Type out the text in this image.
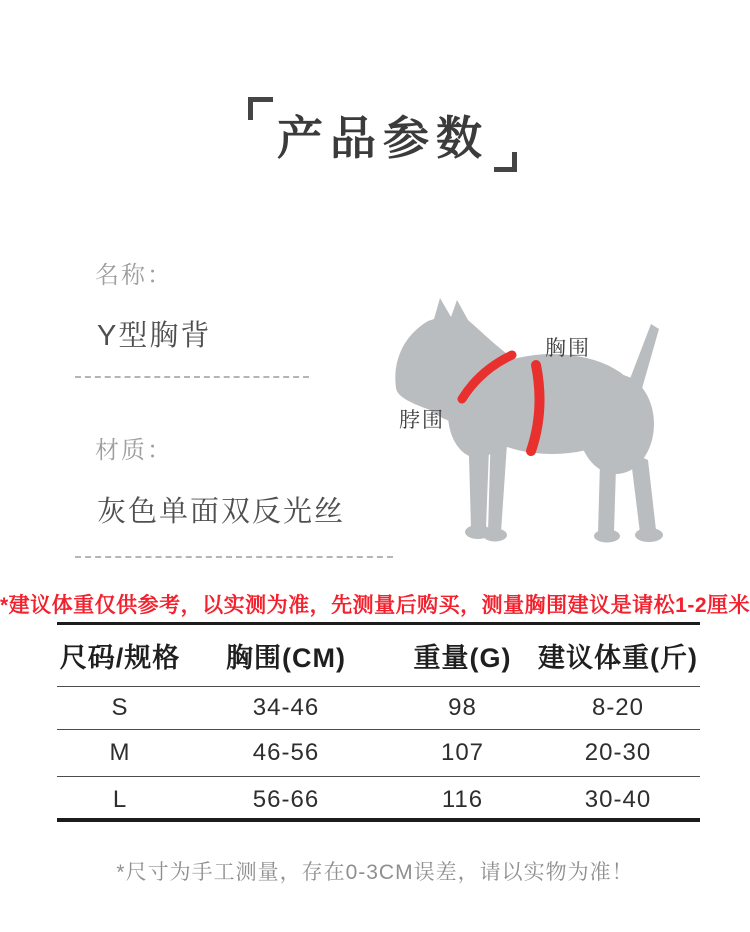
产品参数
名称：
Y型胸背
材质：
灰色单面双反光丝
胸围
脖围
*建议体重仅供参考，以实测为准，先测量后购买，测量胸围建议是请松1-2厘米
尺码/规格	胸围(CM)	重量(G) 建议体重(斤)
S	34-46	98	8-20
M	46-56	107	20-30
L	56-66	116	30-40
*尺寸为手工测量，存在0-3CM误差，请以实物为准！
